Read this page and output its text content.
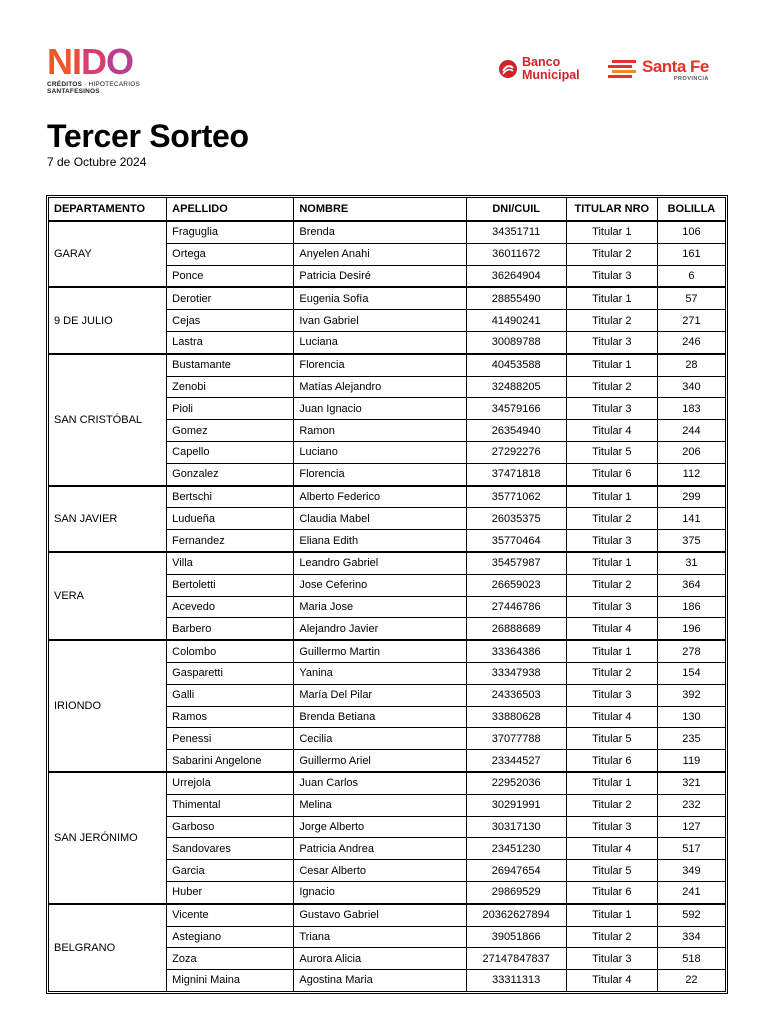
NIDO
CRÉDITOS · HIPOTECARIOS
SANTAFESINOS
Banco
Municipal	Santa Fe
PROVINCIA
Tercer Sorteo

7 de Octubre 2024

DEPARTAMENTO	APELLIDO	NOMBRE	DNI/CUIL	TITULAR NRO	BOLILLA
GARAY	Fraguglia	Brenda	34351711	Titular 1	106
	Ortega	Anyelen Anahi	36011672	Titular 2	161
	Ponce	Patricia Desiré	36264904	Titular 3	6
9 DE JULIO	Derotier	Eugenia Sofía	28855490	Titular 1	57
	Cejas	Ivan Gabriel	41490241	Titular 2	271
	Lastra	Luciana	30089788	Titular 3	246
SAN CRISTÓBAL	Bustamante	Florencia	40453588	Titular 1	28
	Zenobi	Matías Alejandro	32488205	Titular 2	340
	Pioli	Juan Ignacio	34579166	Titular 3	183
	Gomez	Ramon	26354940	Titular 4	244
	Capello	Luciano	27292276	Titular 5	206
	Gonzalez	Florencia	37471818	Titular 6	112
SAN JAVIER	Bertschi	Alberto Federico	35771062	Titular 1	299
	Ludueña	Claudia Mabel	26035375	Titular 2	141
	Fernandez	Eliana Edith	35770464	Titular 3	375
VERA	Villa	Leandro Gabriel	35457987	Titular 1	31
	Bertoletti	Jose Ceferino	26659023	Titular 2	364
	Acevedo	Maria Jose	27446786	Titular 3	186
	Barbero	Alejandro Javier	26888689	Titular 4	196
IRIONDO	Colombo	Guillermo Martin	33364386	Titular 1	278
	Gasparetti	Yanina	33347938	Titular 2	154
	Galli	María Del Pilar	24336503	Titular 3	392
	Ramos	Brenda Betiana	33880628	Titular 4	130
	Penessi	Cecilia	37077788	Titular 5	235
	Sabarini Angelone	Guillermo Ariel	23344527	Titular 6	119
SAN JERÓNIMO	Urrejola	Juan Carlos	22952036	Titular 1	321
	Thimental	Melina	30291991	Titular 2	232
	Garboso	Jorge Alberto	30317130	Titular 3	127
	Sandovares	Patricia Andrea	23451230	Titular 4	517
	Garcia	Cesar Alberto	26947654	Titular 5	349
	Huber	Ignacio	29869529	Titular 6	241
BELGRANO	Vicente	Gustavo Gabriel	20362627894	Titular 1	592
	Astegiano	Triana	39051866	Titular 2	334
	Zoza	Aurora Alicia	27147847837	Titular 3	518
	Mignini Maina	Agostina Maria	33311313	Titular 4	22
